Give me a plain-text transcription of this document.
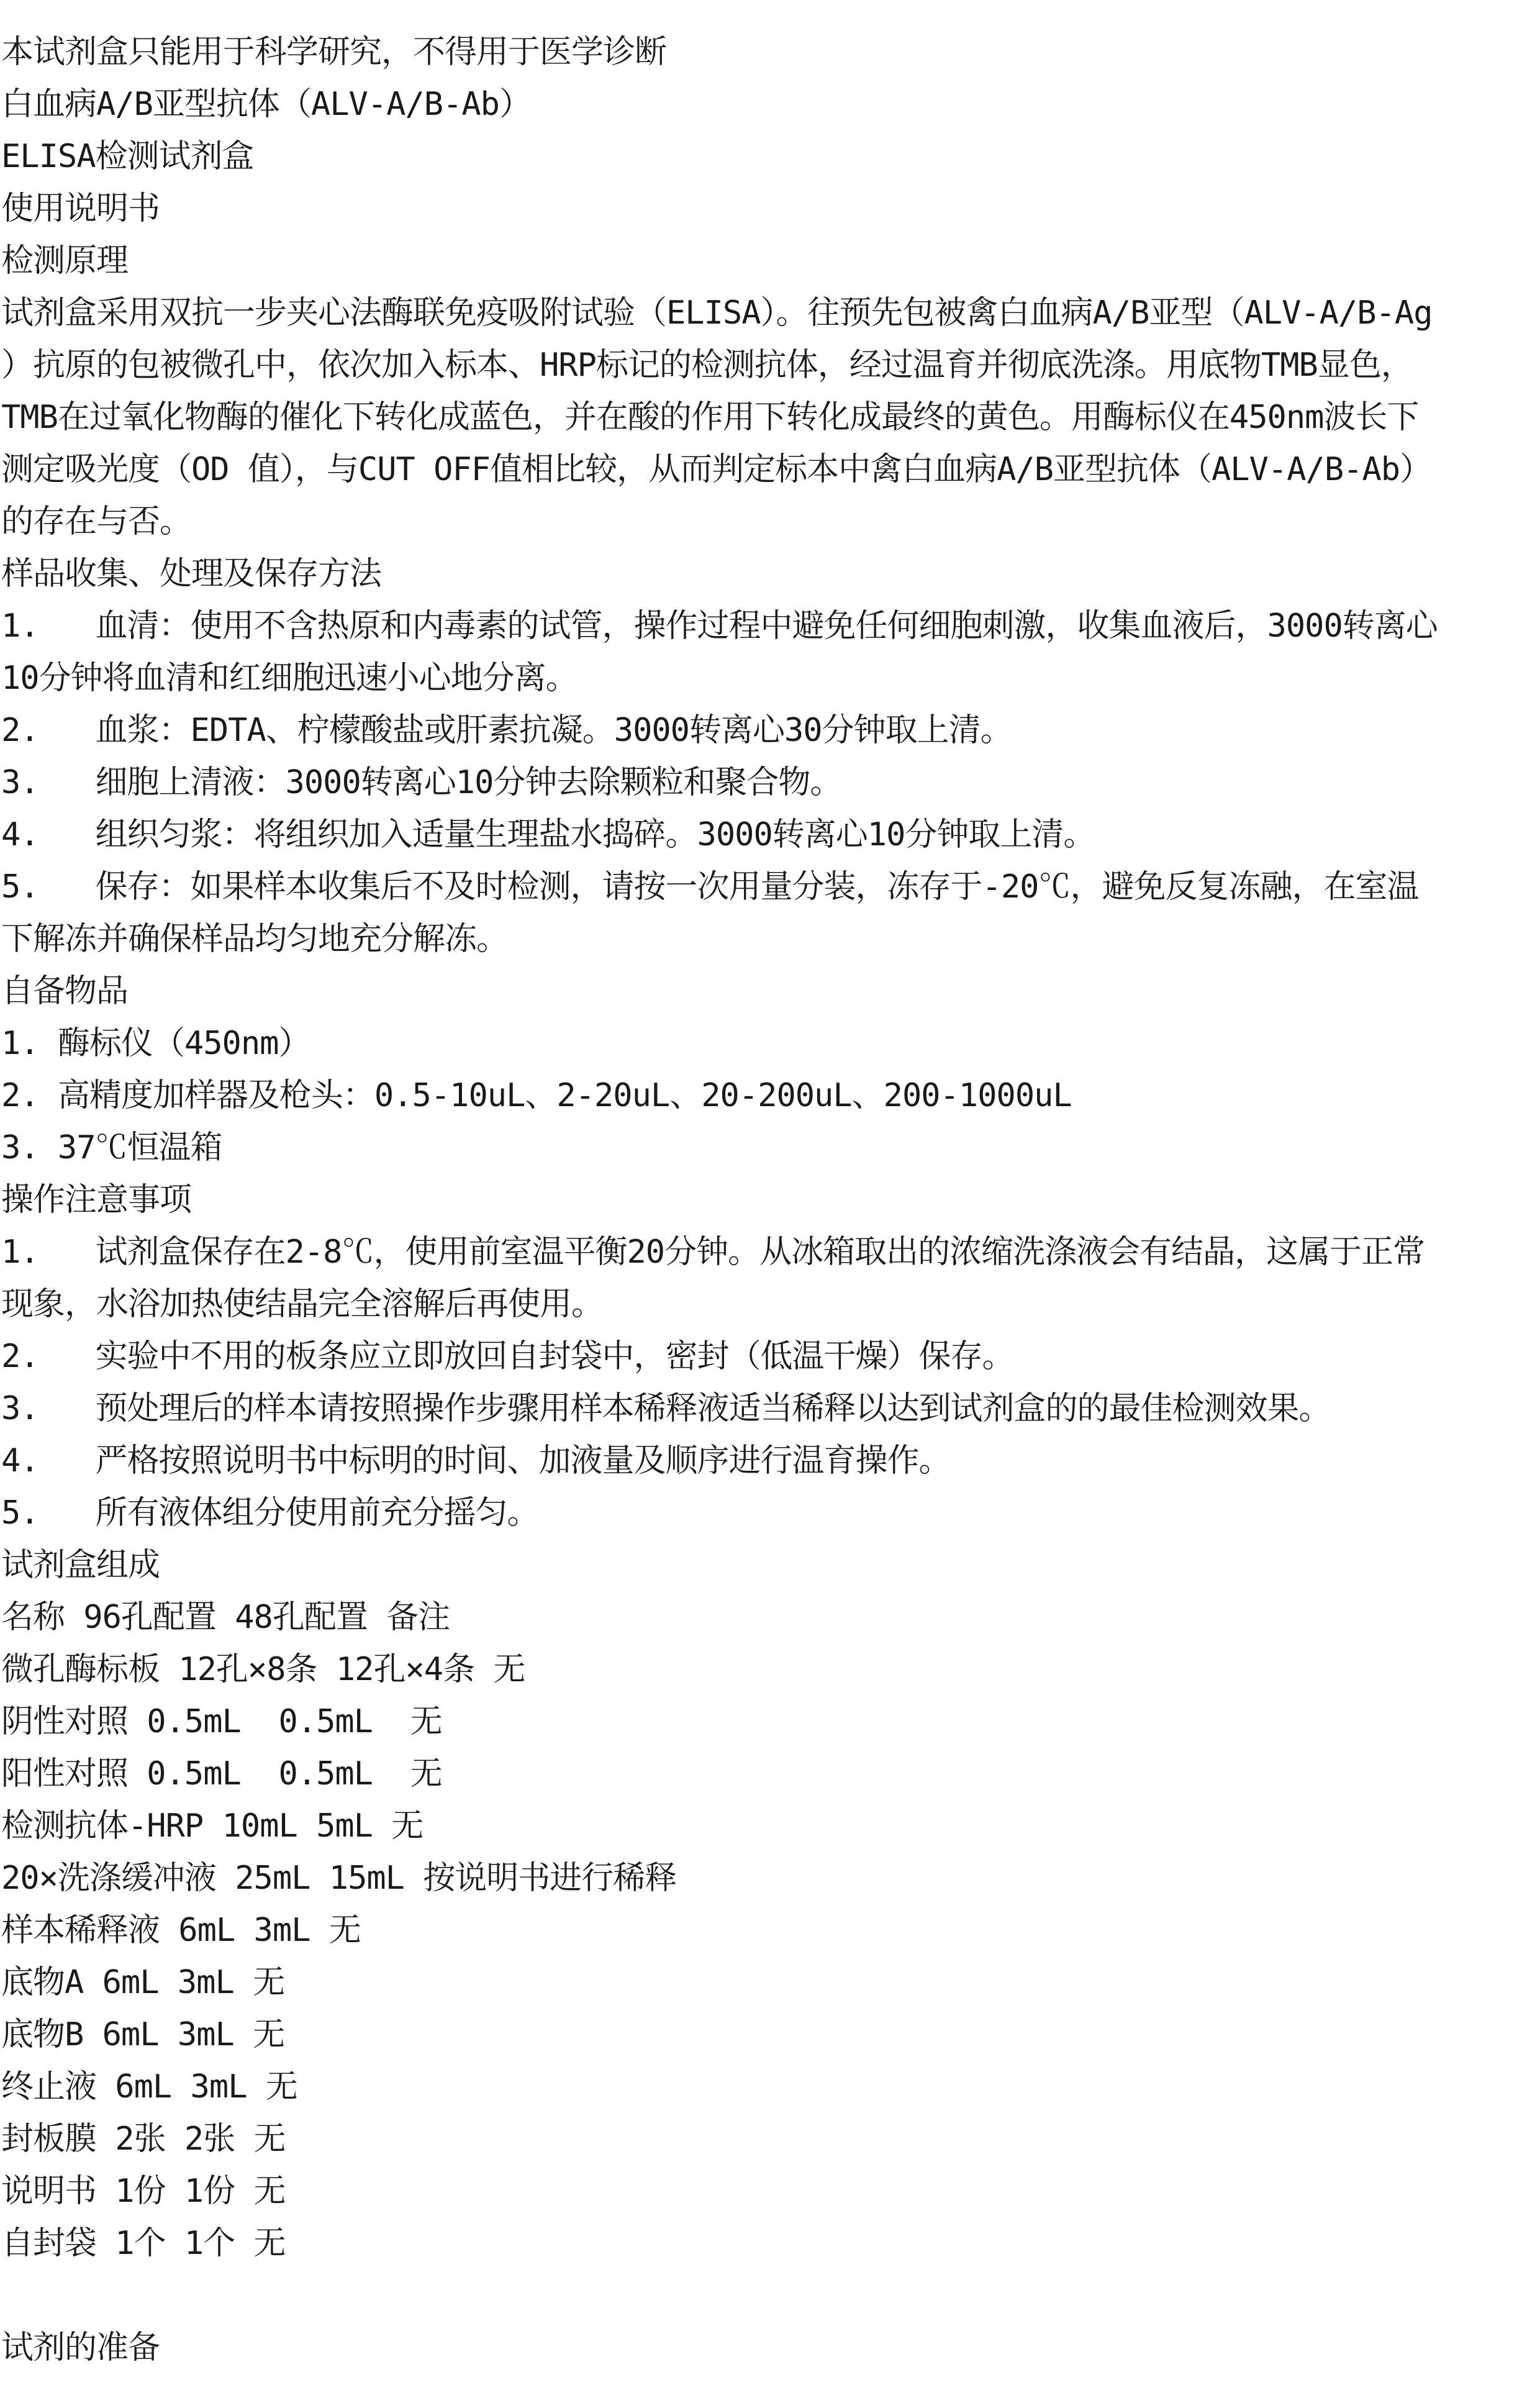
本试剂盒只能用于科学研究，不得用于医学诊断
白血病A/B亚型抗体（ALV-A/B-Ab）
ELISA检测试剂盒
使用说明书
检测原理
试剂盒采用双抗一步夹心法酶联免疫吸附试验（ELISA）。往预先包被禽白血病A/B亚型（ALV-A/B-Ag
）抗原的包被微孔中，依次加入标本、HRP标记的检测抗体，经过温育并彻底洗涤。用底物TMB显色，
TMB在过氧化物酶的催化下转化成蓝色，并在酸的作用下转化成最终的黄色。用酶标仪在450nm波长下
测定吸光度（OD 值），与CUT OFF值相比较，从而判定标本中禽白血病A/B亚型抗体（ALV-A/B-Ab）
的存在与否。
样品收集、处理及保存方法
1.   血清：使用不含热原和内毒素的试管，操作过程中避免任何细胞刺激，收集血液后，3000转离心
10分钟将血清和红细胞迅速小心地分离。
2.   血浆：EDTA、柠檬酸盐或肝素抗凝。3000转离心30分钟取上清。
3.   细胞上清液：3000转离心10分钟去除颗粒和聚合物。
4.   组织匀浆：将组织加入适量生理盐水捣碎。3000转离心10分钟取上清。
5.   保存：如果样本收集后不及时检测，请按一次用量分装，冻存于-20℃，避免反复冻融，在室温
下解冻并确保样品均匀地充分解冻。
自备物品
1. 酶标仪（450nm）
2. 高精度加样器及枪头：0.5-10uL、2-20uL、20-200uL、200-1000uL
3. 37℃恒温箱
操作注意事项
1.   试剂盒保存在2-8℃，使用前室温平衡20分钟。从冰箱取出的浓缩洗涤液会有结晶，这属于正常
现象，水浴加热使结晶完全溶解后再使用。
2.   实验中不用的板条应立即放回自封袋中，密封（低温干燥）保存。
3.   预处理后的样本请按照操作步骤用样本稀释液适当稀释以达到试剂盒的的最佳检测效果。
4.   严格按照说明书中标明的时间、加液量及顺序进行温育操作。
5.   所有液体组分使用前充分摇匀。
试剂盒组成
名称 96孔配置 48孔配置 备注
微孔酶标板 12孔×8条 12孔×4条 无
阴性对照 0.5mL  0.5mL  无
阳性对照 0.5mL  0.5mL  无
检测抗体-HRP 10mL 5mL 无
20×洗涤缓冲液 25mL 15mL 按说明书进行稀释
样本稀释液 6mL 3mL 无
底物A 6mL 3mL 无
底物B 6mL 3mL 无
终止液 6mL 3mL 无
封板膜 2张 2张 无
说明书 1份 1份 无
自封袋 1个 1个 无
试剂的准备
